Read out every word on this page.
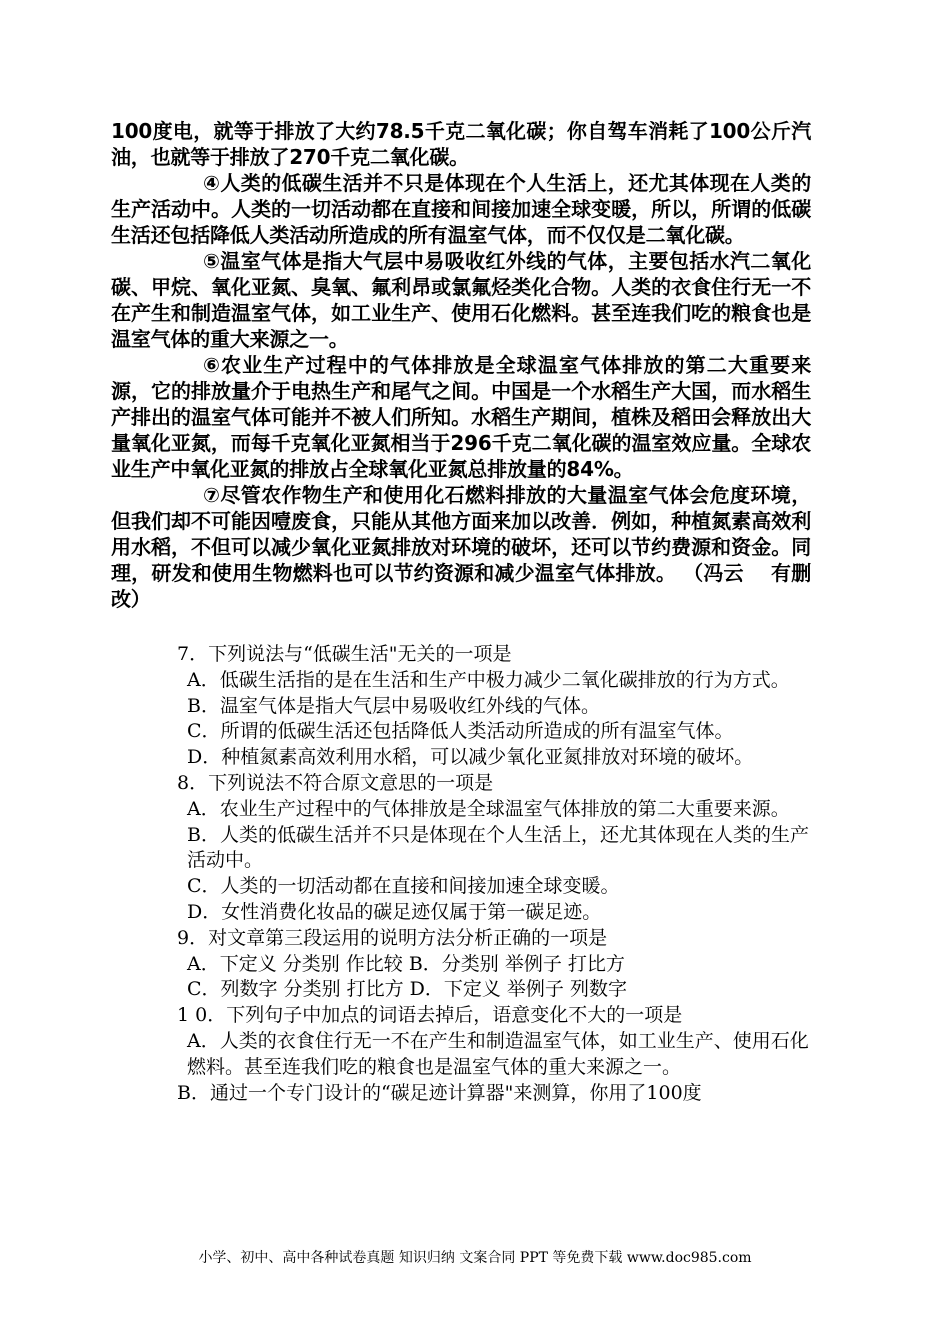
100度电，就等于排放了大约78.5千克二氧化碳；你自驾车消耗了100公斤汽油，也就等于排放了270千克二氧化碳。

④人类的低碳生活并不只是体现在个人生活上，还尤其体现在人类的生产活动中。人类的一切活动都在直接和间接加速全球变暖，所以，所谓的低碳生活还包括降低人类活动所造成的所有温室气体，而不仅仅是二氧化碳。

⑤温室气体是指大气层中易吸收红外线的气体，主要包括水汽二氧化碳、甲烷、氧化亚氮、臭氧、氟利昂或氯氟烃类化合物。人类的衣食住行无一不在产生和制造温室气体，如工业生产、使用石化燃料。甚至连我们吃的粮食也是温室气体的重大来源之一。

⑥农业生产过程中的气体排放是全球温室气体排放的第二大重要来源，它的排放量介于电热生产和尾气之间。中国是一个水稻生产大国，而水稻生产排出的温室气体可能并不被人们所知。水稻生产期间，植株及稻田会释放出大量氧化亚氮，而每千克氧化亚氮相当于296千克二氧化碳的温室效应量。全球农业生产中氧化亚氮的排放占全球氧化亚氮总排放量的84%。

⑦尽管农作物生产和使用化石燃料排放的大量温室气体会危度环境，但我们却不可能因噎废食，只能从其他方面来加以改善．例如，种植氮素高效利用水稻，不但可以减少氧化亚氮排放对环境的破坏，还可以节约费源和资金。同理，研发和使用生物燃料也可以节约资源和减少温室气体排放。 （冯云　 有删改）

7．下列说法与“低碳生活"无关的一项是

A．低碳生活指的是在生活和生产中极力减少二氧化碳排放的行为方式。

B．温室气体是指大气层中易吸收红外线的气体。

C．所谓的低碳生活还包括降低人类活动所造成的所有温室气体。

D．种植氮素高效利用水稻，可以减少氧化亚氮排放对环境的破坏。

8．下列说法不符合原文意思的一项是

A．农业生产过程中的气体排放是全球温室气体排放的第二大重要来源。

B．人类的低碳生活并不只是体现在个人生活上，还尤其体现在人类的生产活动中。

C．人类的一切活动都在直接和间接加速全球变暖。

D．女性消费化妆品的碳足迹仅属于第一碳足迹。

9．对文章第三段运用的说明方法分析正确的一项是

A．下定义 分类别 作比较 B．分类别 举例子 打比方

C．列数字 分类别 打比方 D．下定义 举例子 列数字

1 0．下列句子中加点的词语去掉后，语意变化不大的一项是

A．人类的衣食住行无一不在产生和制造温室气体，如工业生产、使用石化燃料。甚至连我们吃的粮食也是温室气体的重大来源之一。

B．通过一个专门设计的“碳足迹计算器"来测算，你用了100度

小学、初中、高中各种试卷真题 知识归纳 文案合同 PPT 等免费下载 www.doc985.com
